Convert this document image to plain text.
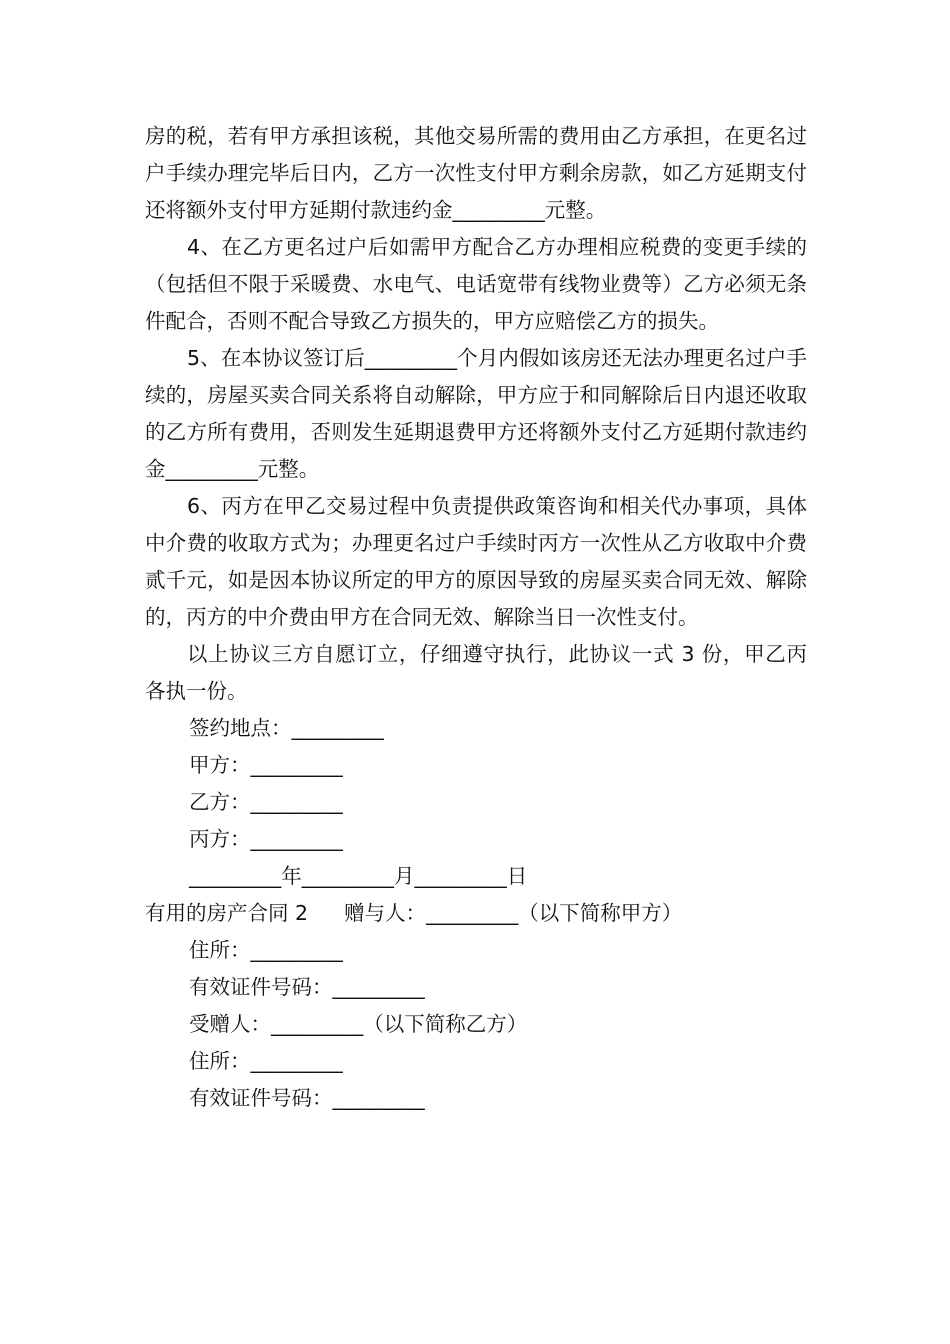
房的税，若有甲方承担该税，其他交易所需的费用由乙方承担，在更名过户手续办理完毕后日内，乙方一次性支付甲方剩余房款，如乙方延期支付还将额外支付甲方延期付款违约金_________元整。

4、在乙方更名过户后如需甲方配合乙方办理相应税费的变更手续的（包括但不限于采暖费、水电气、电话宽带有线物业费等）乙方必须无条件配合，否则不配合导致乙方损失的，甲方应赔偿乙方的损失。

5、在本协议签订后_________个月内假如该房还无法办理更名过户手续的，房屋买卖合同关系将自动解除，甲方应于和同解除后日内退还收取的乙方所有费用，否则发生延期退费甲方还将额外支付乙方延期付款违约金_________元整。

6、丙方在甲乙交易过程中负责提供政策咨询和相关代办事项，具体中介费的收取方式为；办理更名过户手续时丙方一次性从乙方收取中介费贰千元，如是因本协议所定的甲方的原因导致的房屋买卖合同无效、解除的，丙方的中介费由甲方在合同无效、解除当日一次性支付。

以上协议三方自愿订立，仔细遵守执行，此协议一式 3 份，甲乙丙各执一份。

签约地点：_________

甲方：_________

乙方：_________

丙方：_________

_________年_________月_________日

有用的房产合同 2 赠与人：_________（以下简称甲方）

住所：_________

有效证件号码：_________

受赠人：_________（以下简称乙方）

住所：_________

有效证件号码：_________
